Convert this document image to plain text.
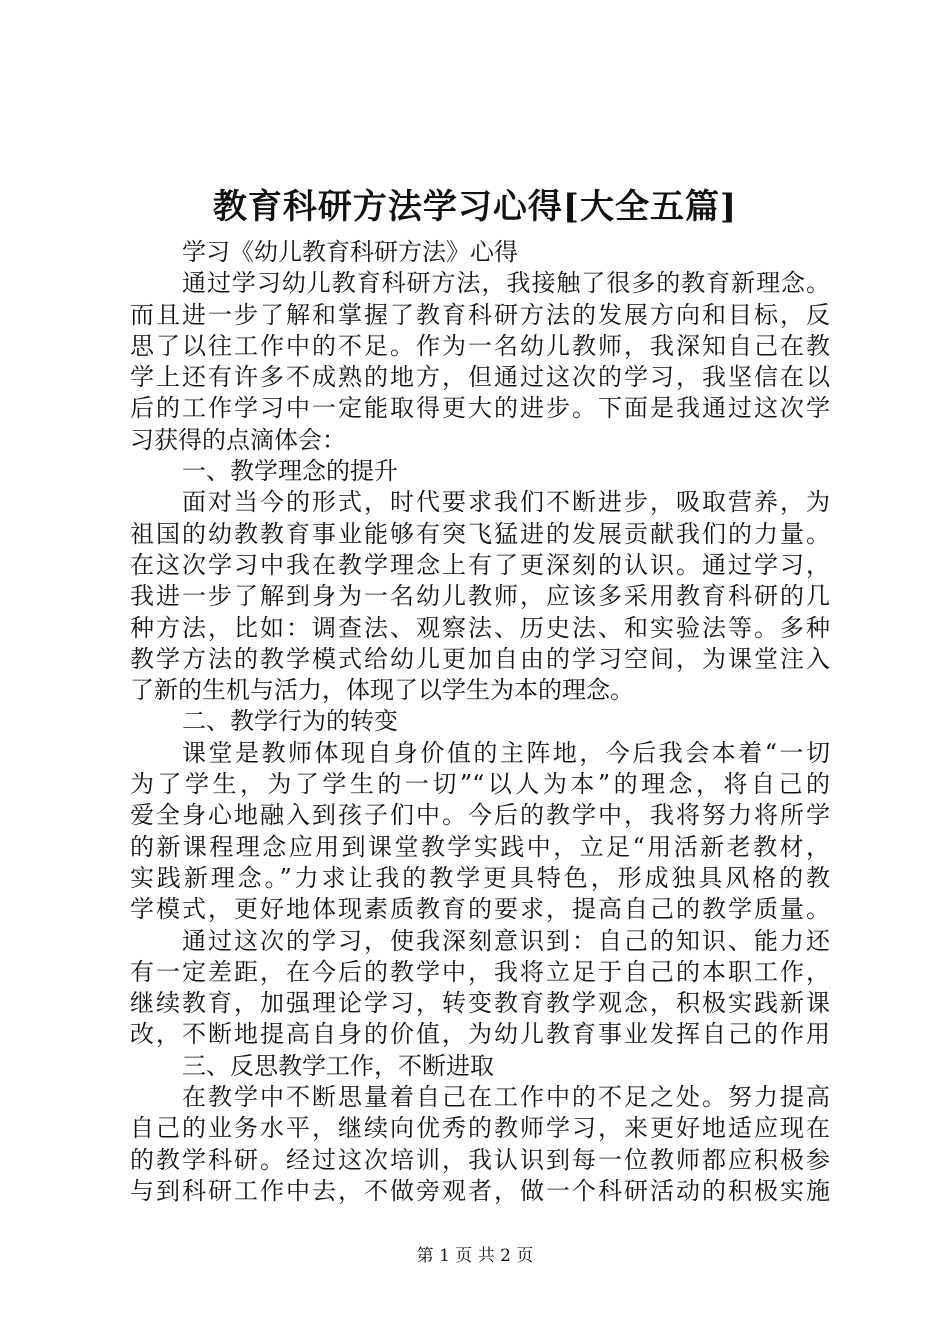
教育科研方法学习心得[大全五篇]
学习《幼儿教育科研方法》心得
通过学习幼儿教育科研方法，我接触了很多的教育新理念。
而且进一步了解和掌握了教育科研方法的发展方向和目标，反
思了以往工作中的不足。作为一名幼儿教师，我深知自己在教
学上还有许多不成熟的地方，但通过这次的学习，我坚信在以
后的工作学习中一定能取得更大的进步。下面是我通过这次学
习获得的点滴体会：
一、教学理念的提升
面对当今的形式，时代要求我们不断进步，吸取营养，为
祖国的幼教教育事业能够有突飞猛进的发展贡献我们的力量。
在这次学习中我在教学理念上有了更深刻的认识。通过学习，
我进一步了解到身为一名幼儿教师，应该多采用教育科研的几
种方法，比如：调查法、观察法、历史法、和实验法等。多种
教学方法的教学模式给幼儿更加自由的学习空间，为课堂注入
了新的生机与活力，体现了以学生为本的理念。
二、教学行为的转变
课堂是教师体现自身价值的主阵地，今后我会本着“一切
为了学生，为了学生的一切”“以人为本”的理念，将自己的
爱全身心地融入到孩子们中。今后的教学中，我将努力将所学
的新课程理念应用到课堂教学实践中，立足“用活新老教材，
实践新理念。”力求让我的教学更具特色，形成独具风格的教
学模式，更好地体现素质教育的要求，提高自己的教学质量。
通过这次的学习，使我深刻意识到：自己的知识、能力还
有一定差距，在今后的教学中，我将立足于自己的本职工作，
继续教育，加强理论学习，转变教育教学观念，积极实践新课
改，不断地提高自身的价值，为幼儿教育事业发挥自己的作用
三、反思教学工作，不断进取
在教学中不断思量着自己在工作中的不足之处。努力提高
自己的业务水平，继续向优秀的教师学习，来更好地适应现在
的教学科研。经过这次培训，我认识到每一位教师都应积极参
与到科研工作中去，不做旁观者，做一个科研活动的积极实施
第 1 页 共 2 页
